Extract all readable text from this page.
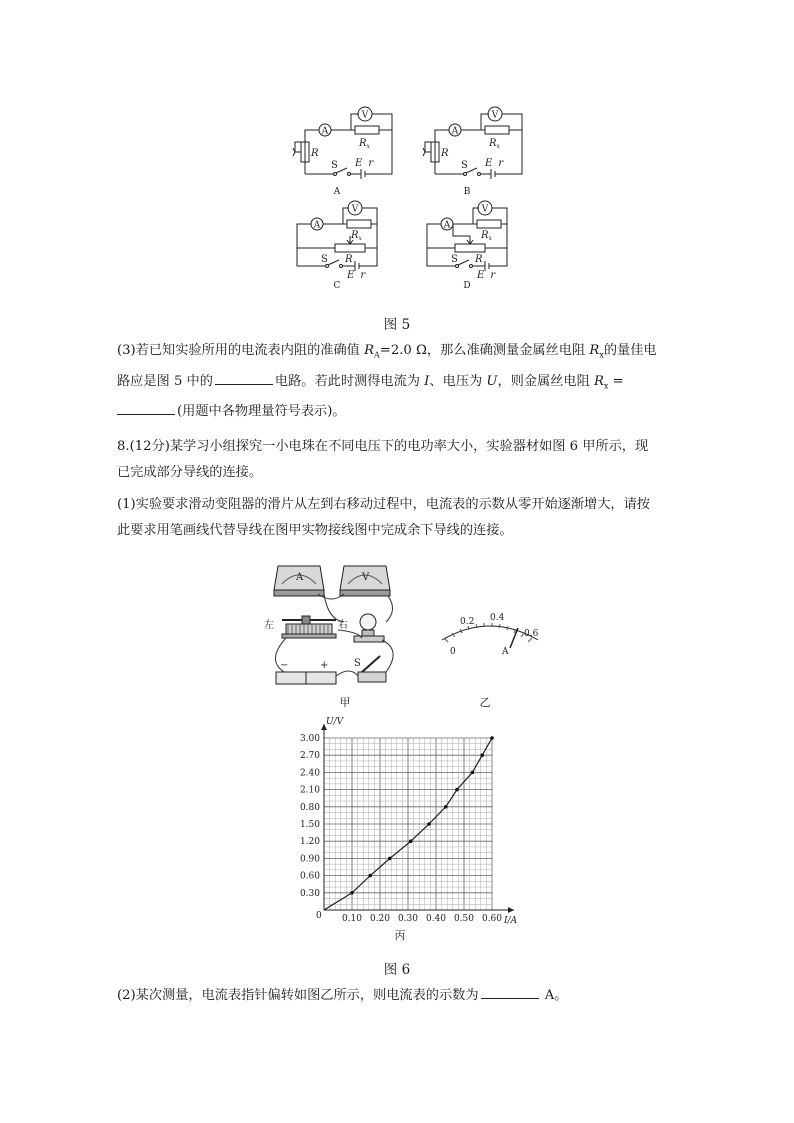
A
V
$R_x$
R
S E r
A
A
V
$R_x$
R
S E r
B
A
V
$R_x$
R
S
E r
C
A
V
$R_x$
R
S
E r
D
图 5
(3)若已知实验所用的电流表内阻的准确值 $R_A=2.0$ Ω，那么准确测量金属丝电阻 $R_x$的量佳电
路应是图 5 中的	电路。若此时测得电流为 I、电压为 U，则金属丝电阻 $R_x$ =
(用题中各物理量符号表示)。
8.(12分)某学习小组探究一小电珠在不同电压下的电功率大小，实验器材如图 6 甲所示，现
已完成部分导线的连接。
(1)实验要求滑动变阻器的滑片从左到右移动过程中，电流表的示数从零开始逐渐增大，请按
此要求用笔画线代替导线在图甲实物接线图中完成余下导线的连接。
A	V
左	右
−	+	S
甲
0
0.2 0.4
0.6
A
乙
0.10 0.20 0.30 0.40 0.50 0.60
0.30
0.60
0.90
1.20
1.50
0.80
2.10
2.40
2.70
3.00
U/V
I/A
0
丙
图 6
(2)某次测量，电流表指针偏转如图乙所示，则电流表的示数为	A。
